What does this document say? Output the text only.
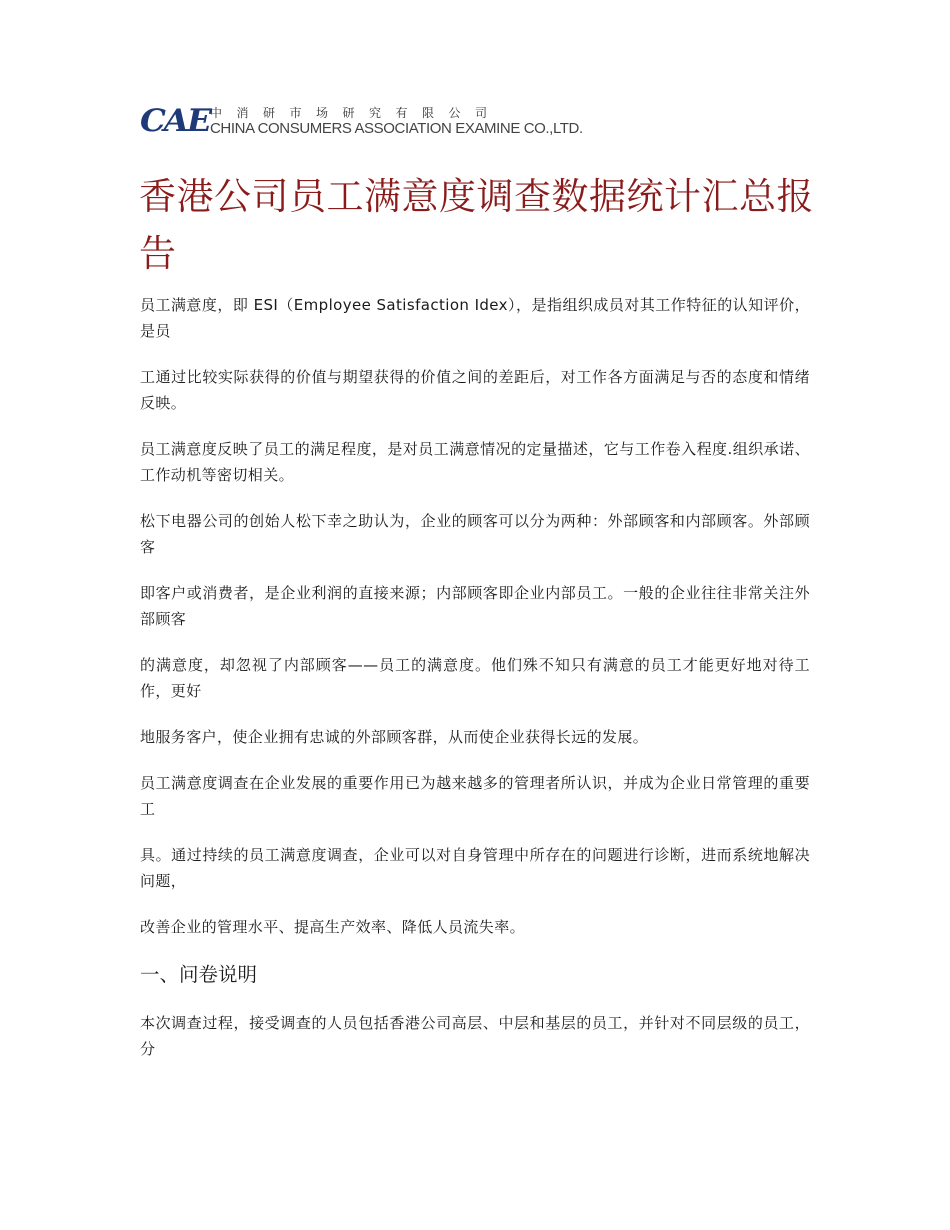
CAE 中消研市场研究有限公司
CHINA CONSUMERS ASSOCIATION EXAMINE CO.,LTD.
香港公司员工满意度调查数据统计汇总报告

员工满意度，即 ESI（Employee Satisfaction Idex），是指组织成员对其工作特征的认知评价，是员

工通过比较实际获得的价值与期望获得的价值之间的差距后，对工作各方面满足与否的态度和情绪反映。

员工满意度反映了员工的满足程度，是对员工满意情况的定量描述，它与工作卷入程度.组织承诺、工作动机等密切相关。

松下电器公司的创始人松下幸之助认为，企业的顾客可以分为两种：外部顾客和内部顾客。外部顾客

即客户或消费者，是企业利润的直接来源；内部顾客即企业内部员工。一般的企业往往非常关注外部顾客

的满意度，却忽视了内部顾客——员工的满意度。他们殊不知只有满意的员工才能更好地对待工作，更好

地服务客户，使企业拥有忠诚的外部顾客群，从而使企业获得长远的发展。

员工满意度调查在企业发展的重要作用已为越来越多的管理者所认识，并成为企业日常管理的重要工

具。通过持续的员工满意度调查，企业可以对自身管理中所存在的问题进行诊断，进而系统地解决问题，

改善企业的管理水平、提高生产效率、降低人员流失率。

一、问卷说明

本次调查过程，接受调查的人员包括香港公司高层、中层和基层的员工，并针对不同层级的员工，分
